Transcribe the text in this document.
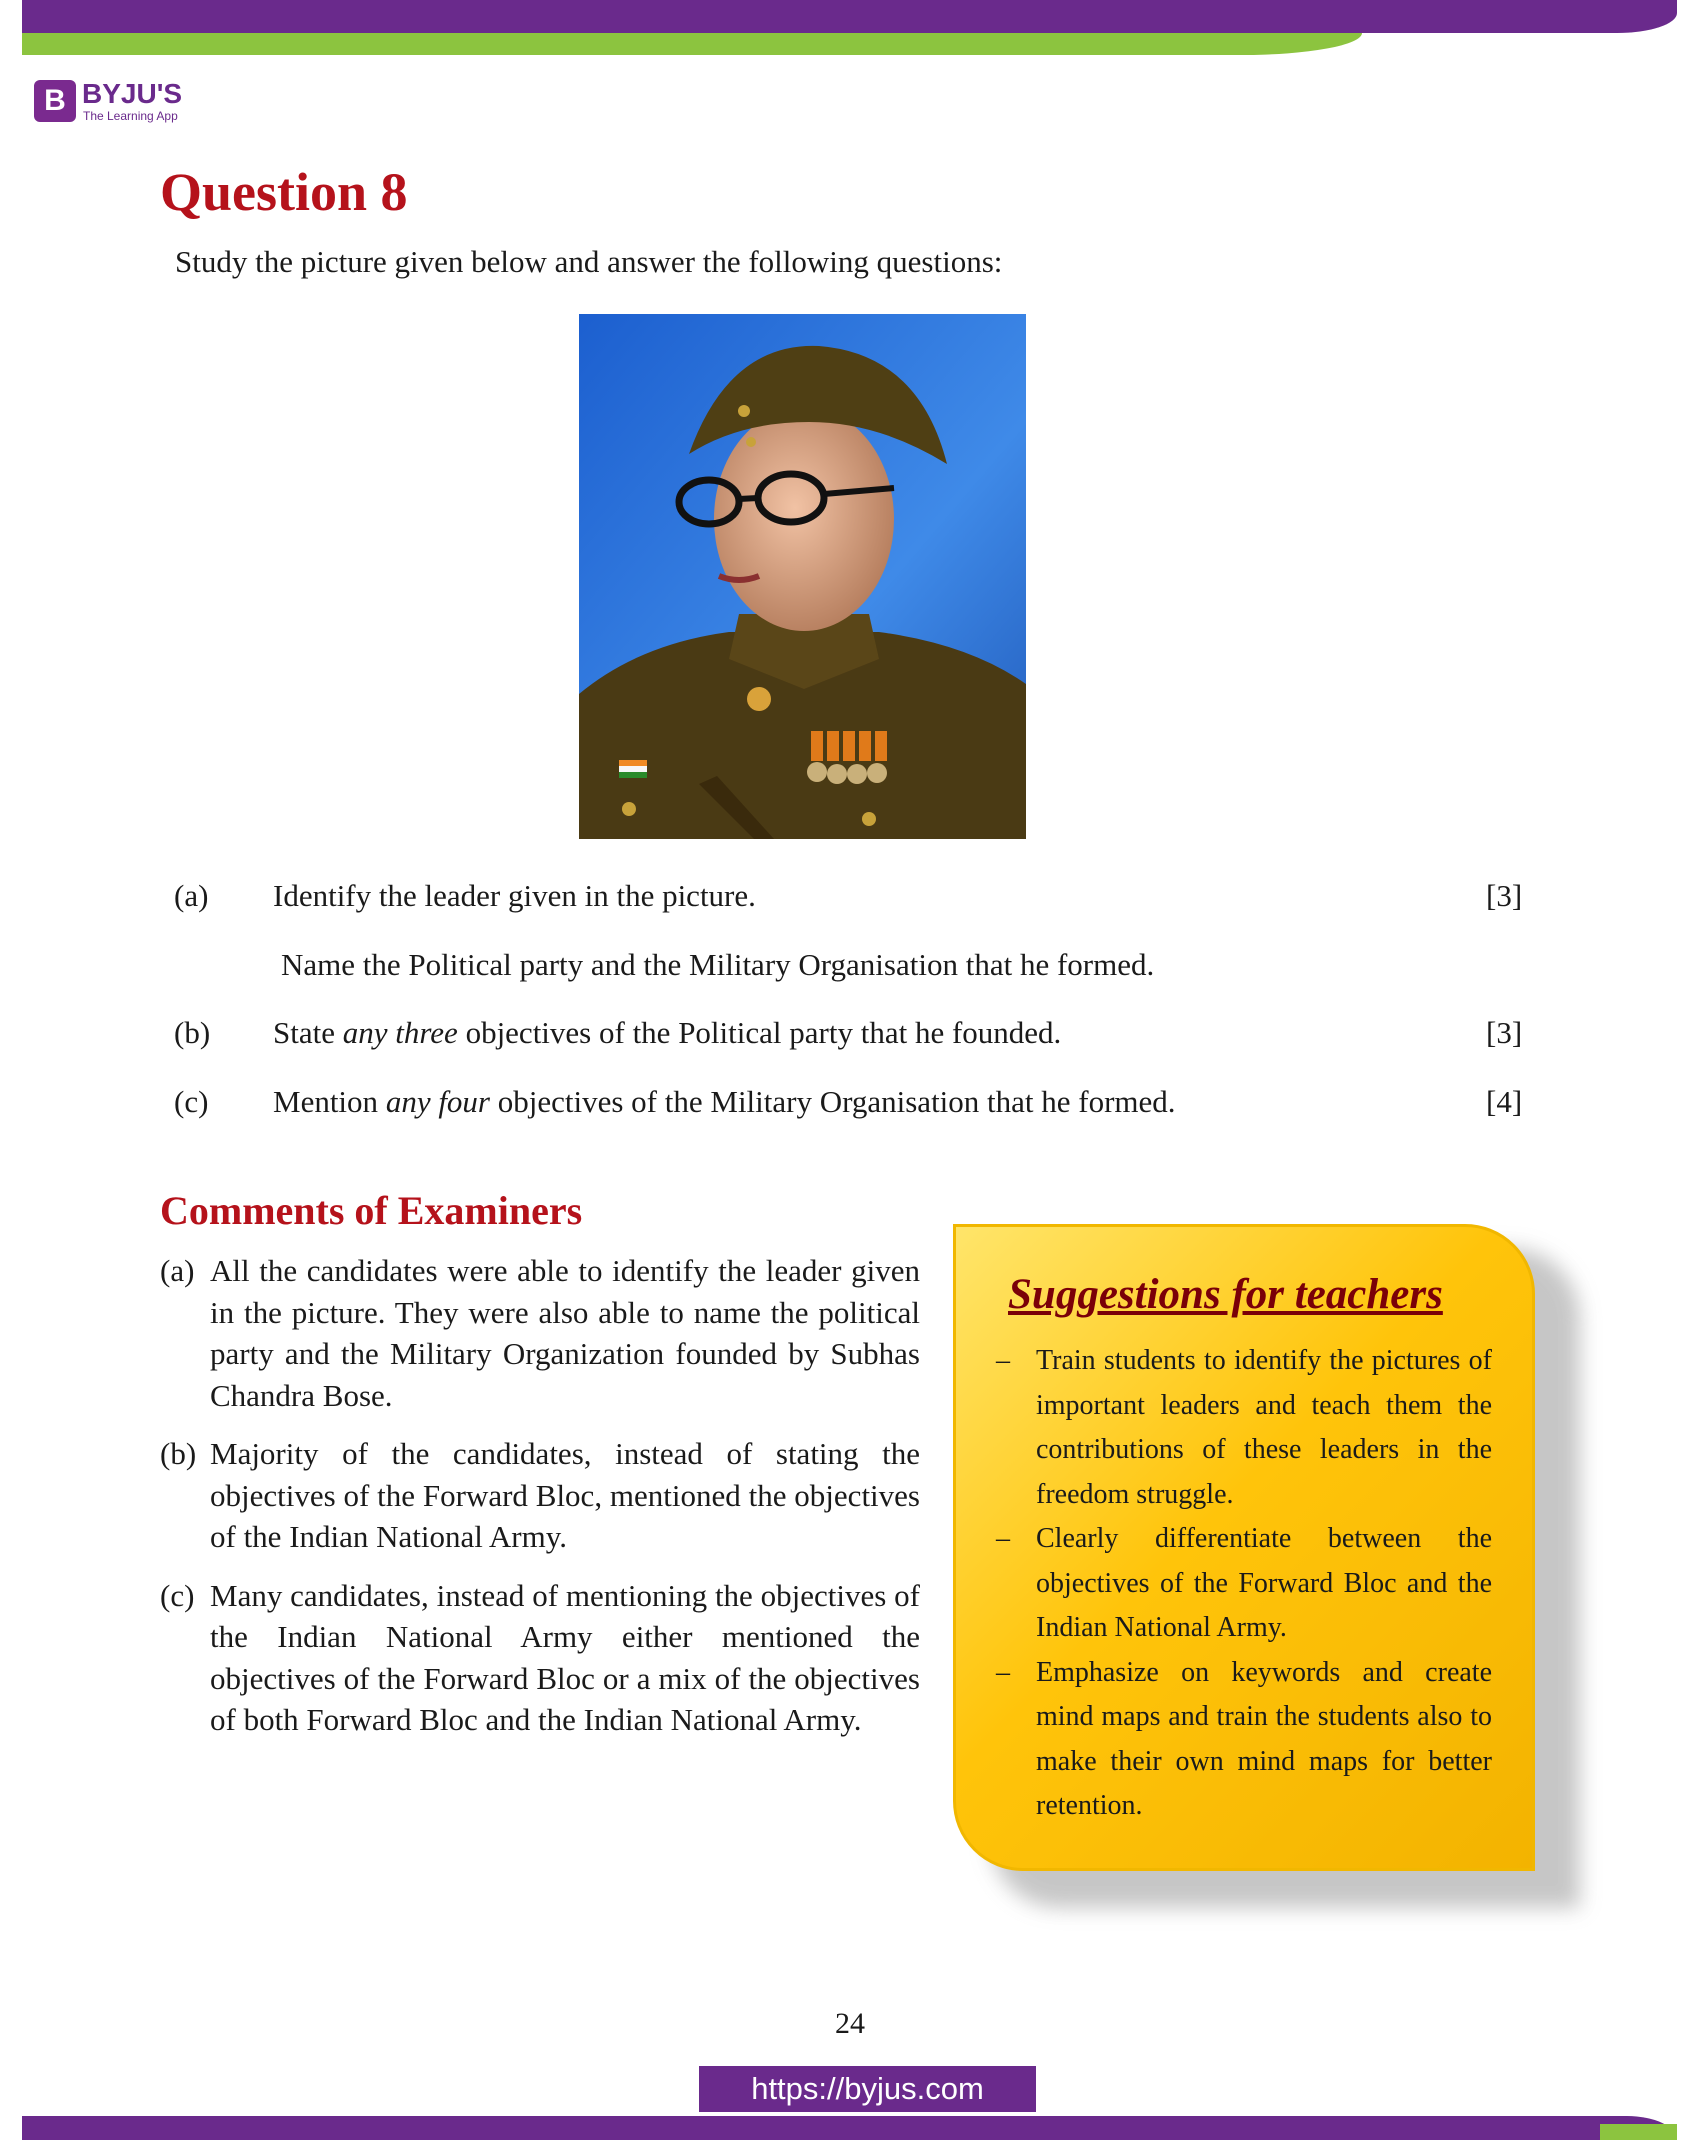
B BYJU'S
The Learning App
Question 8
Study the picture given below and answer the following questions:
(a) Identify the leader given in the picture.	[3]
Name the Political party and the Military Organisation that he formed.
(b) State any three objectives of the Political party that he founded.	[3]
(c) Mention any four objectives of the Military Organisation that he formed.	[4]
Comments of Examiners
(a) All the candidates were able to identify the leader given in the picture. They were also able to name the political party and the Military Organization founded by Subhas Chandra Bose.
(b) Majority of the candidates, instead of stating the objectives of the Forward Bloc, mentioned the objectives of the Indian National Army.
(c) Many candidates, instead of mentioning the objectives of the Indian National Army either mentioned the objectives of the Forward Bloc or a mix of the objectives of both Forward Bloc and the Indian National Army.
Suggestions for teachers
– Train students to identify the pictures of important leaders and teach them the contributions of these leaders in the freedom struggle.
– Clearly differentiate between the objectives of the Forward Bloc and the Indian National Army.
– Emphasize on keywords and create mind maps and train the students also to make their own mind maps for better retention.
24
https://byjus.com
